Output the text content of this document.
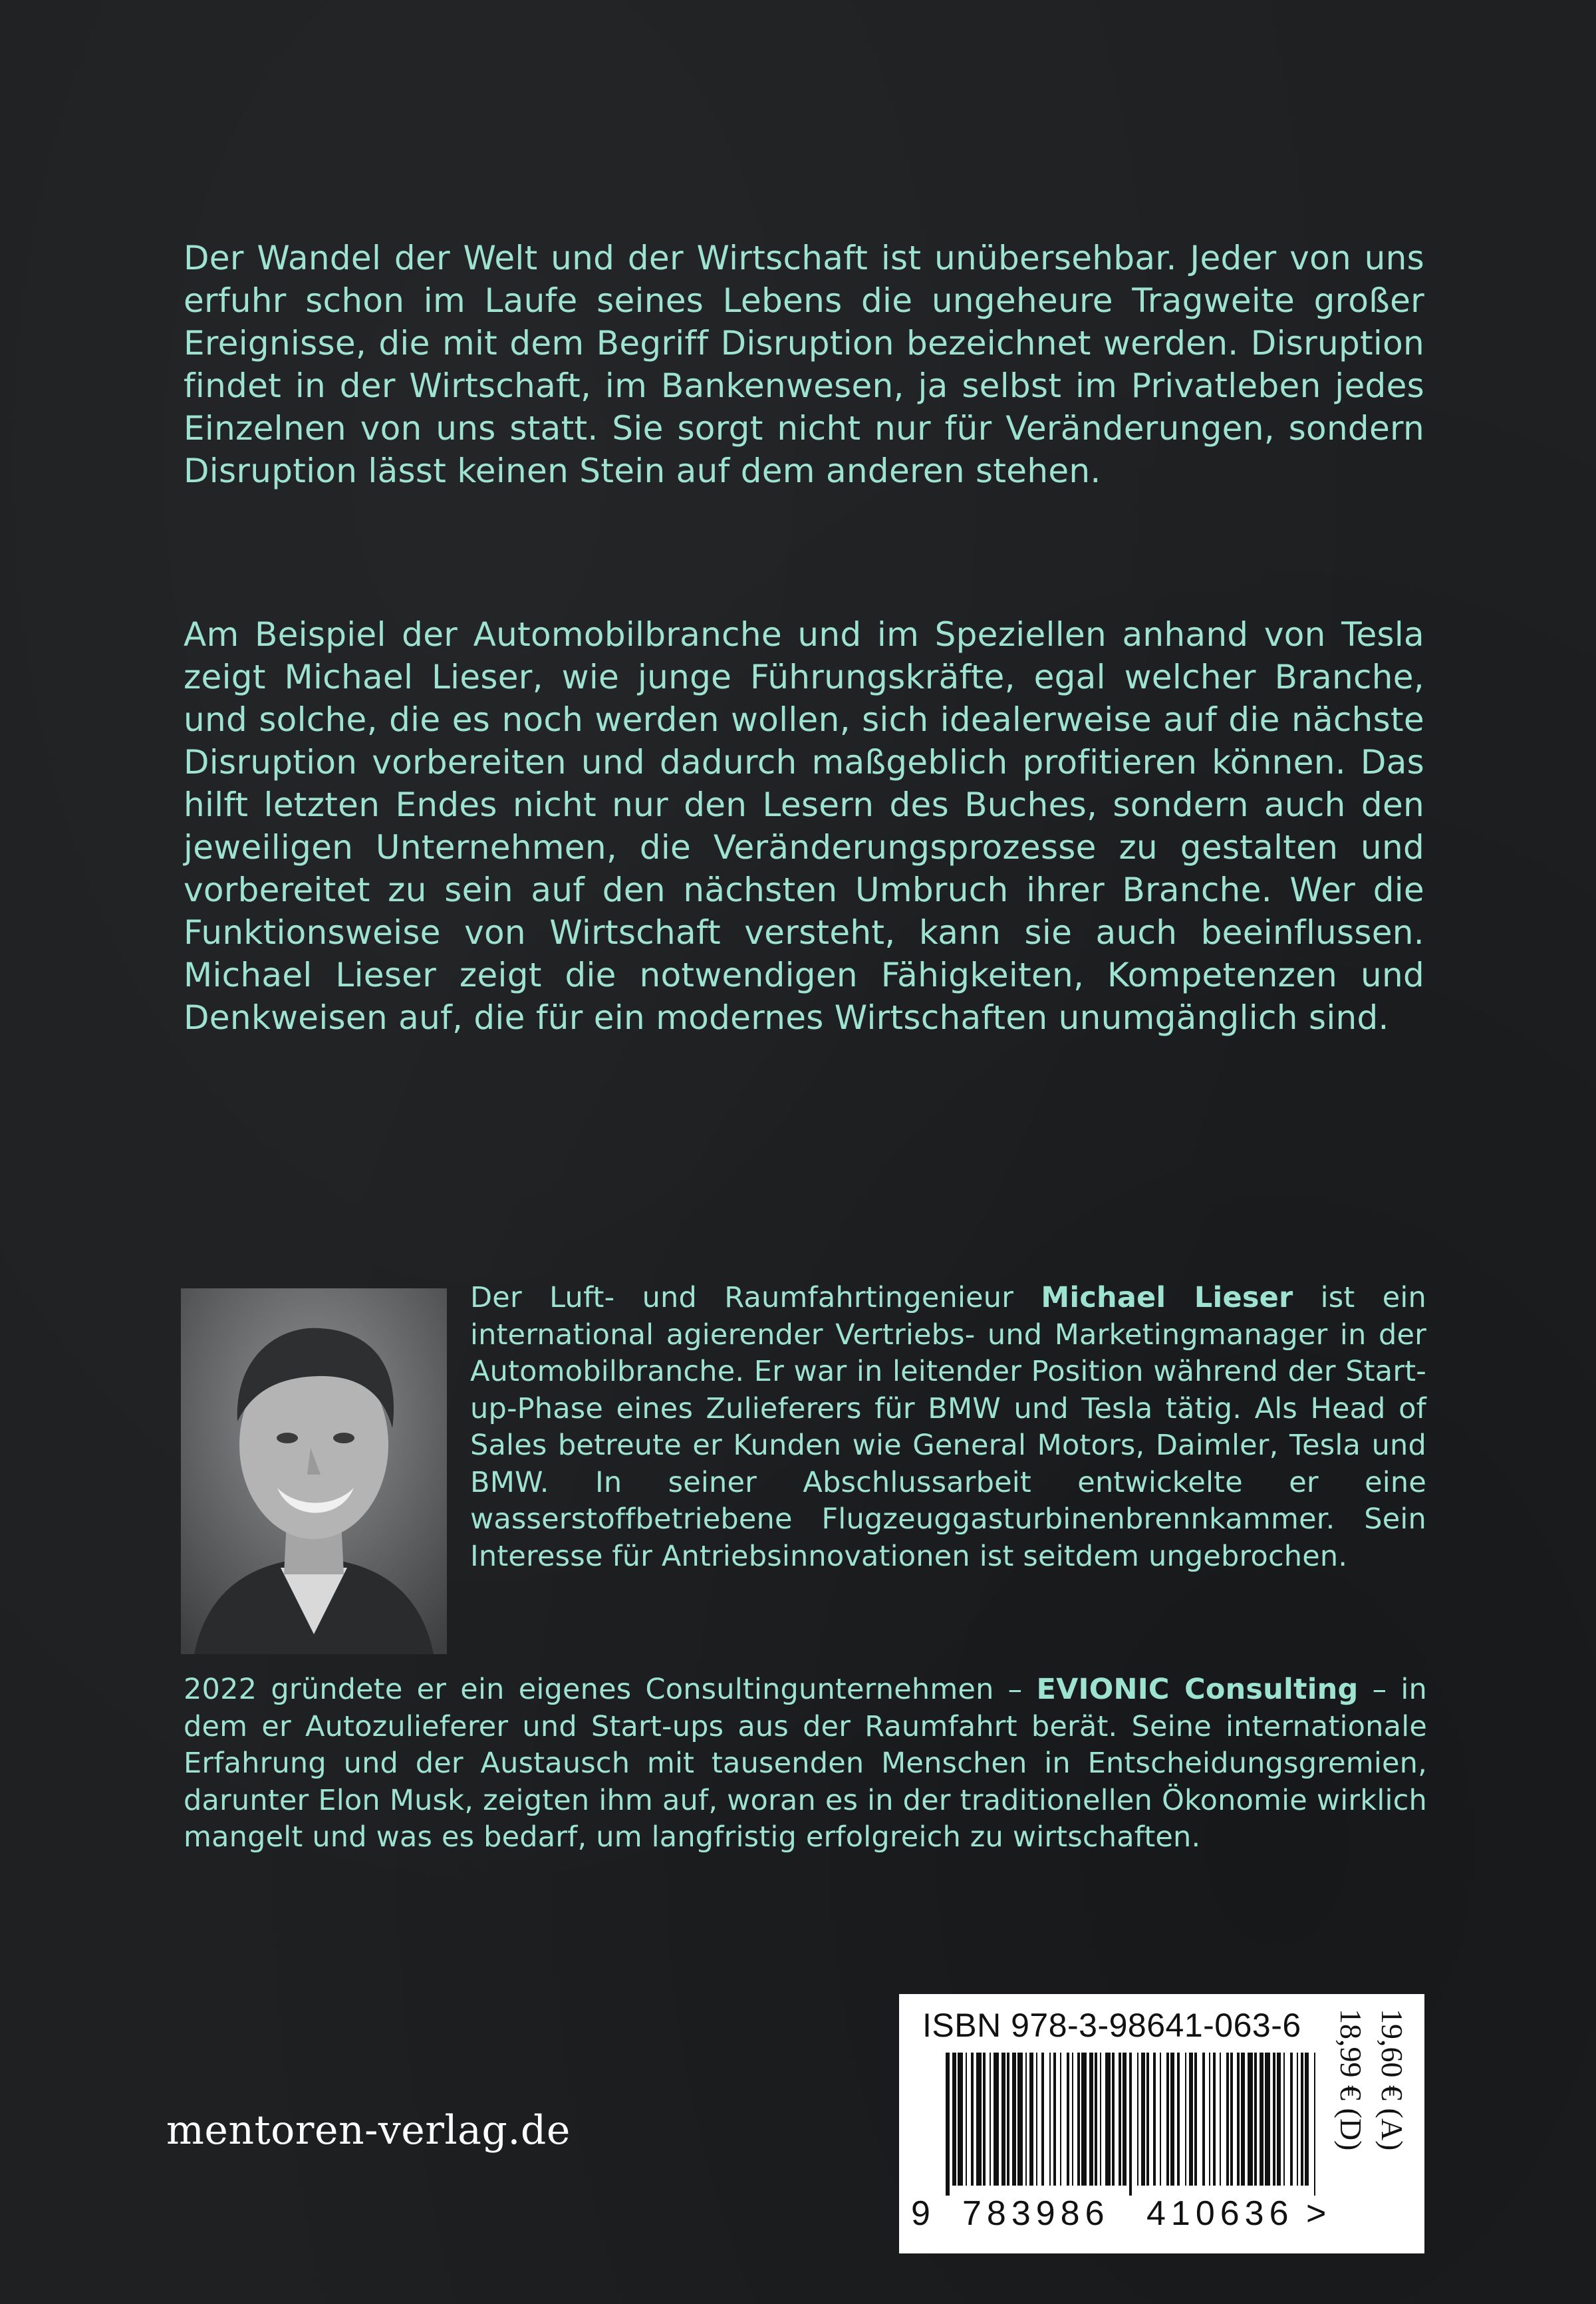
Der Wandel der Welt und der Wirtschaft ist unübersehbar. Jeder von uns erfuhr schon im Laufe seines Lebens die ungeheure Tragweite großer Ereignisse, die mit dem Begriff Disruption bezeichnet werden. Disruption findet in der Wirtschaft, im Bankenwesen, ja selbst im Privatleben jedes Einzelnen von uns statt. Sie sorgt nicht nur für Veränderungen, sondern Disruption lässt keinen Stein auf dem anderen stehen.

Am Beispiel der Automobilbranche und im Speziellen anhand von Tesla zeigt Michael Lieser, wie junge Führungskräfte, egal welcher Branche, und solche, die es noch werden wollen, sich idealerweise auf die nächste Disruption vorbereiten und dadurch maßgeblich profitieren können. Das hilft letzten Endes nicht nur den Lesern des Buches, sondern auch den jeweiligen Unternehmen, die Veränderungsprozesse zu gestalten und vorbereitet zu sein auf den nächsten Umbruch ihrer Branche. Wer die Funktionsweise von Wirtschaft versteht, kann sie auch beeinflussen. Michael Lieser zeigt die notwendigen Fähigkeiten, Kompetenzen und Denkweisen auf, die für ein modernes Wirtschaften unumgänglich sind.

Der Luft- und Raumfahrtingenieur Michael Lieser ist ein international agierender Vertriebs- und Marketingmanager in der Automobilbranche. Er war in leitender Position während der Start-up-Phase eines Zulieferers für BMW und Tesla tätig. Als Head of Sales betreute er Kunden wie General Motors, Daimler, Tesla und BMW. In seiner Abschlussarbeit entwickelte er eine wasserstoffbetriebene Flugzeuggasturbinenbrennkammer. Sein Interesse für Antriebsinnovationen ist seitdem ungebrochen.

2022 gründete er ein eigenes Consultingunternehmen – EVIONIC Consulting – in dem er Autozulieferer und Start-ups aus der Raumfahrt berät. Seine internationale Erfahrung und der Austausch mit tausenden Menschen in Entscheidungsgremien, darunter Elon Musk, zeigten ihm auf, woran es in der traditionellen Ökonomie wirklich mangelt und was es bedarf, um langfristig erfolgreich zu wirtschaften.

mentoren-verlag.de
ISBN 978-3-98641-063-6
9 783986 410636 >
18,99 € (D) 19,60 € (A)
